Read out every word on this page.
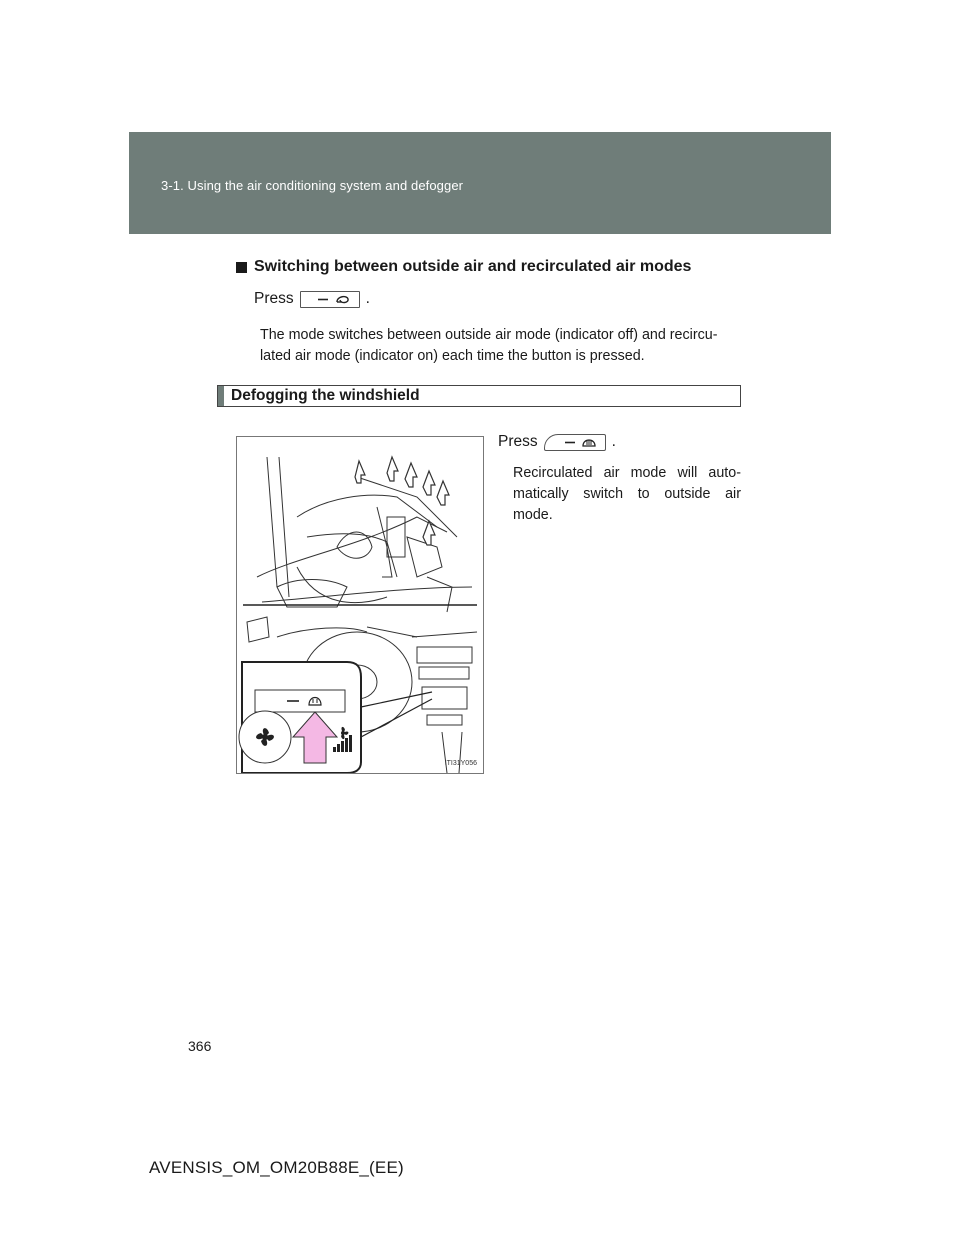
3-1. Using the air conditioning system and defogger
Switching between outside air and recirculated air modes
Press	.
The mode switches between outside air mode (indicator off) and recircu-lated air mode (indicator on) each time the button is pressed.
Defogging the windshield
ITI31Y056
Press	.
Recirculated air mode will auto-matically switch to outside air mode.
366
AVENSIS_OM_OM20B88E_(EE)
